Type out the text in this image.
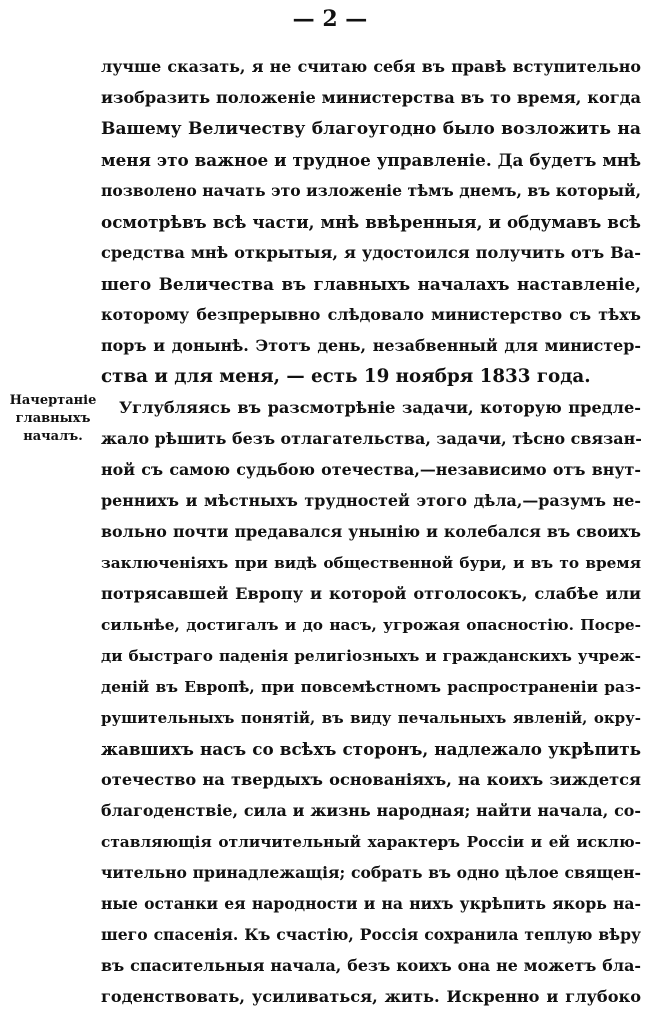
— 2 —
Начертаніе
главныхъ
началъ.
лучше сказать, я не считаю себя въ правѣ вступительно
изобразить положеніе министерства въ то время, когда
Вашему Величеству благоугодно было возложить на
меня это важное и трудное управленіе. Да будетъ мнѣ
позволено начать это изложеніе тѣмъ днемъ, въ который,
осмотрѣвъ всѣ части, мнѣ ввѣренныя, и обдумавъ всѣ
средства мнѣ открытыя, я удостоился получить отъ Ва-
шего Величества въ главныхъ началахъ наставленіе,
которому безпрерывно слѣдовало министерство съ тѣхъ
поръ и донынѣ. Этотъ день, незабвенный для министер-
ства и для меня, — есть 19 ноября 1833 года.
Углубляясь въ разсмотрѣніе задачи, которую предле-
жало рѣшить безъ отлагательства, задачи, тѣсно связан-
ной съ самою судьбою отечества,—независимо отъ внут-
реннихъ и мѣстныхъ трудностей этого дѣла,—разумъ не-
вольно почти предавался унынію и колебался въ своихъ
заключеніяхъ при видѣ общественной бури, и въ то время
потрясавшей Европу и которой отголосокъ, слабѣе или
сильнѣе, достигалъ и до насъ, угрожая опасностію. Посре-
ди быстраго паденія религіозныхъ и гражданскихъ учреж-
деній въ Европѣ, при повсемѣстномъ распространеніи раз-
рушительныхъ понятій, въ виду печальныхъ явленій, окру-
жавшихъ насъ со всѣхъ сторонъ, надлежало укрѣпить
отечество на твердыхъ основаніяхъ, на коихъ зиждется
благоденствіе, сила и жизнь народная; найти начала, со-
ставляющія отличительный характеръ Россіи и ей исклю-
чительно принадлежащія; собрать въ одно цѣлое священ-
ные останки ея народности и на нихъ укрѣпить якорь на-
шего спасенія. Къ счастію, Россія сохранила теплую вѣру
въ спасительныя начала, безъ коихъ она не можетъ бла-
годенствовать, усиливаться, жить. Искренно и глубоко
